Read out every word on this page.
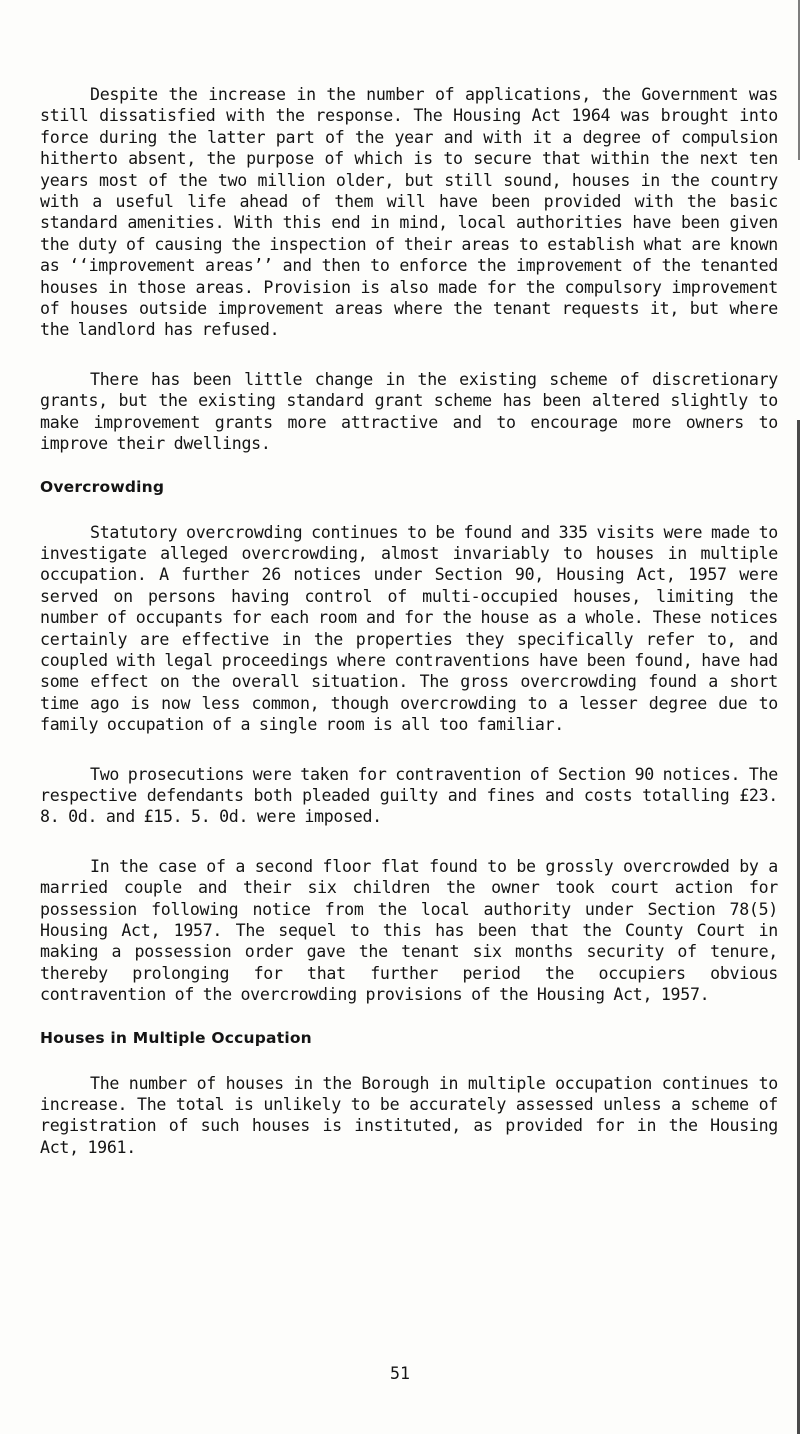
Despite the increase in the number of applications, the Government was still dissatisfied with the response. The Housing Act 1964 was brought into force during the latter part of the year and with it a degree of compulsion hitherto absent, the purpose of which is to secure that within the next ten years most of the two million older, but still sound, houses in the country with a useful life ahead of them will have been provided with the basic standard amenities. With this end in mind, local authorities have been given the duty of causing the inspection of their areas to establish what are known as ‘‘improvement areas’’ and then to enforce the improvement of the tenanted houses in those areas. Provision is also made for the compulsory improvement of houses outside improvement areas where the tenant requests it, but where the landlord has refused.

There has been little change in the existing scheme of discretionary grants, but the existing standard grant scheme has been altered slightly to make improvement grants more attractive and to encourage more owners to improve their dwellings.

Overcrowding

Statutory overcrowding continues to be found and 335 visits were made to investigate alleged overcrowding, almost invariably to houses in multiple occupation. A further 26 notices under Section 90, Housing Act, 1957 were served on persons having control of multi-occupied houses, limiting the number of occupants for each room and for the house as a whole. These notices certainly are effective in the properties they specifically refer to, and coupled with legal proceedings where contraventions have been found, have had some effect on the overall situation. The gross overcrowding found a short time ago is now less common, though overcrowding to a lesser degree due to family occupation of a single room is all too familiar.

Two prosecutions were taken for contravention of Section 90 notices. The respective defendants both pleaded guilty and fines and costs totalling £23. 8. 0d. and £15. 5. 0d. were imposed.

In the case of a second floor flat found to be grossly overcrowded by a married couple and their six children the owner took court action for possession following notice from the local authority under Section 78(5) Housing Act, 1957. The sequel to this has been that the County Court in making a possession order gave the tenant six months security of tenure, thereby prolonging for that further period the occupiers obvious contravention of the overcrowding provisions of the Housing Act, 1957.

Houses in Multiple Occupation

The number of houses in the Borough in multiple occupation continues to increase. The total is unlikely to be accurately assessed unless a scheme of registration of such houses is instituted, as provided for in the Housing Act, 1961.

51
